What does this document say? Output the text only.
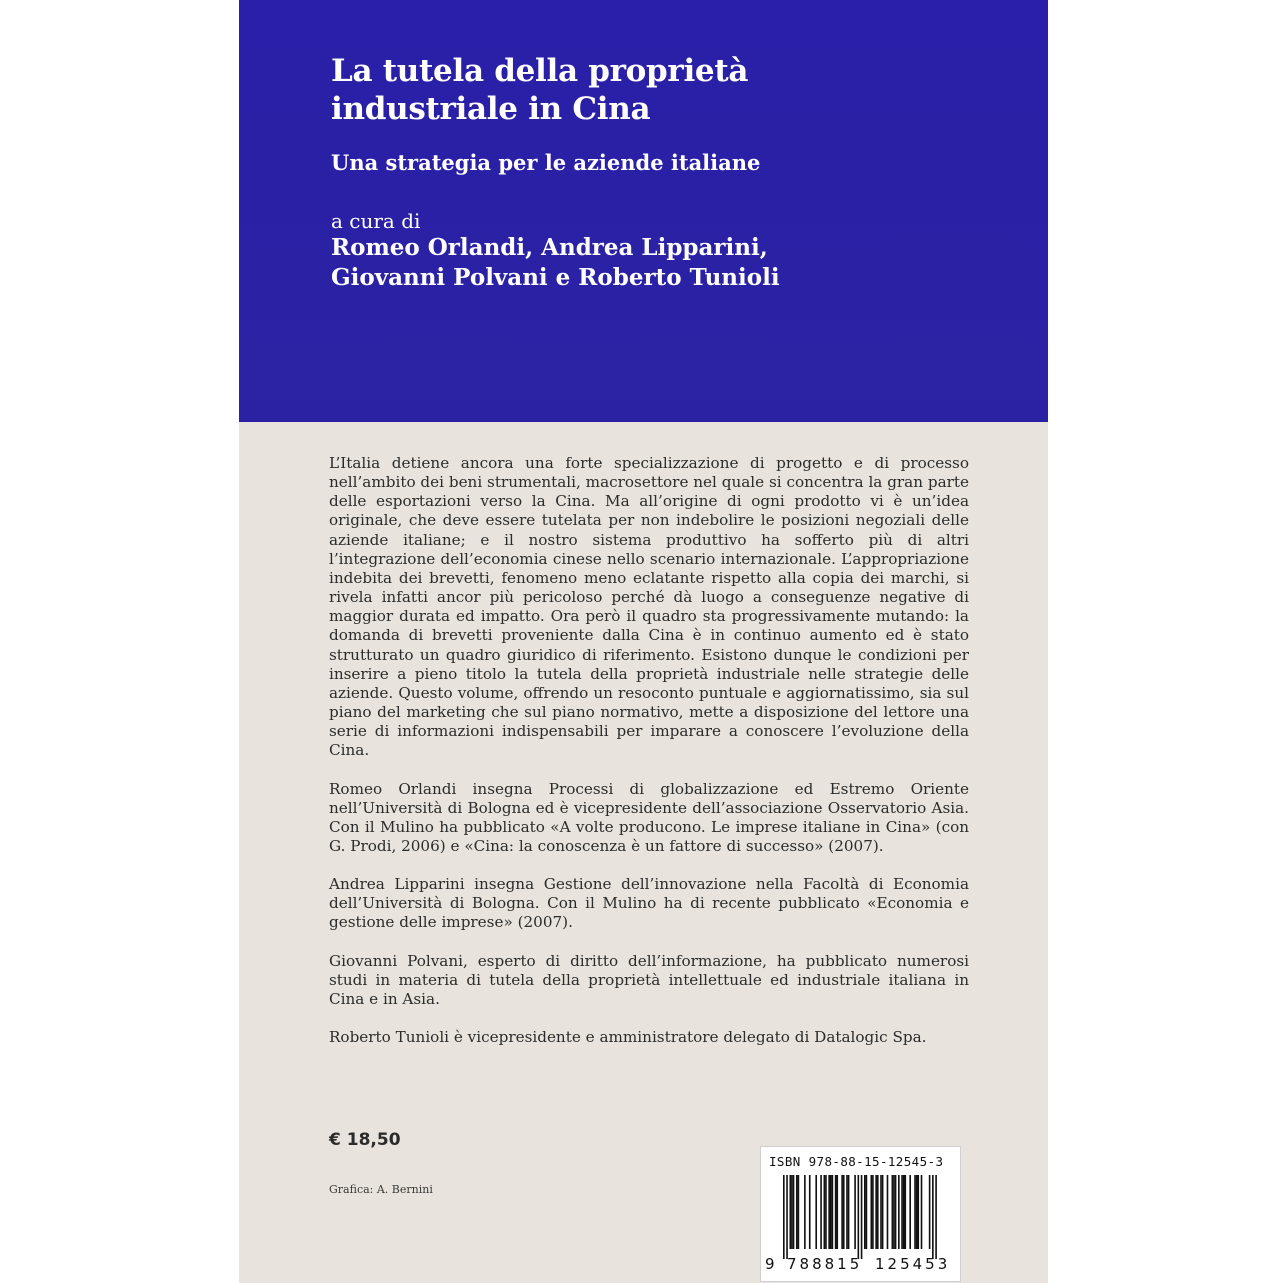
La tutela della proprietà
industriale in Cina
Una strategia per le aziende italiane
a cura di
Romeo Orlandi, Andrea Lipparini,
Giovanni Polvani e Roberto Tunioli

L’Italia detiene ancora una forte specializzazione di progetto e di processo nell’ambito dei beni strumentali, macrosettore nel quale si concentra la gran parte delle esportazioni verso la Cina. Ma all’origine di ogni prodotto vi è un’idea originale, che deve essere tutelata per non indebolire le posizioni negoziali delle aziende italiane; e il nostro sistema produttivo ha sofferto più di altri l’integrazione dell’economia cinese nello scenario internazionale. L’appropriazione indebita dei brevetti, fenomeno meno eclatante rispetto alla copia dei marchi, si rivela infatti ancor più pericoloso perché dà luogo a conseguenze negative di maggior durata ed impatto. Ora però il quadro sta progressivamente mutando: la domanda di brevetti proveniente dalla Cina è in continuo aumento ed è stato strutturato un quadro giuridico di riferimento. Esistono dunque le condizioni per inserire a pieno titolo la tutela della proprietà industriale nelle strategie delle aziende. Questo volume, offrendo un resoconto puntuale e aggiornatissimo, sia sul piano del marketing che sul piano normativo, mette a disposizione del lettore una serie di informazioni indispensabili per imparare a conoscere l’evoluzione della Cina.

Romeo Orlandi insegna Processi di globalizzazione ed Estremo Oriente nell’Università di Bologna ed è vicepresidente dell’associazione Osservatorio Asia. Con il Mulino ha pubblicato «A volte producono. Le imprese italiane in Cina» (con G. Prodi, 2006) e «Cina: la conoscenza è un fattore di successo» (2007).

Andrea Lipparini insegna Gestione dell’innovazione nella Facoltà di Economia dell’Università di Bologna. Con il Mulino ha di recente pubblicato «Economia e gestione delle imprese» (2007).

Giovanni Polvani, esperto di diritto dell’informazione, ha pubblicato numerosi studi in materia di tutela della proprietà intellettuale ed industriale italiana in Cina e in Asia.

Roberto Tunioli è vicepresidente e amministratore delegato di Datalogic Spa.

€ 18,50
Grafica: A. Bernini
ISBN 978-88-15-12545-3
9 788815 125453
